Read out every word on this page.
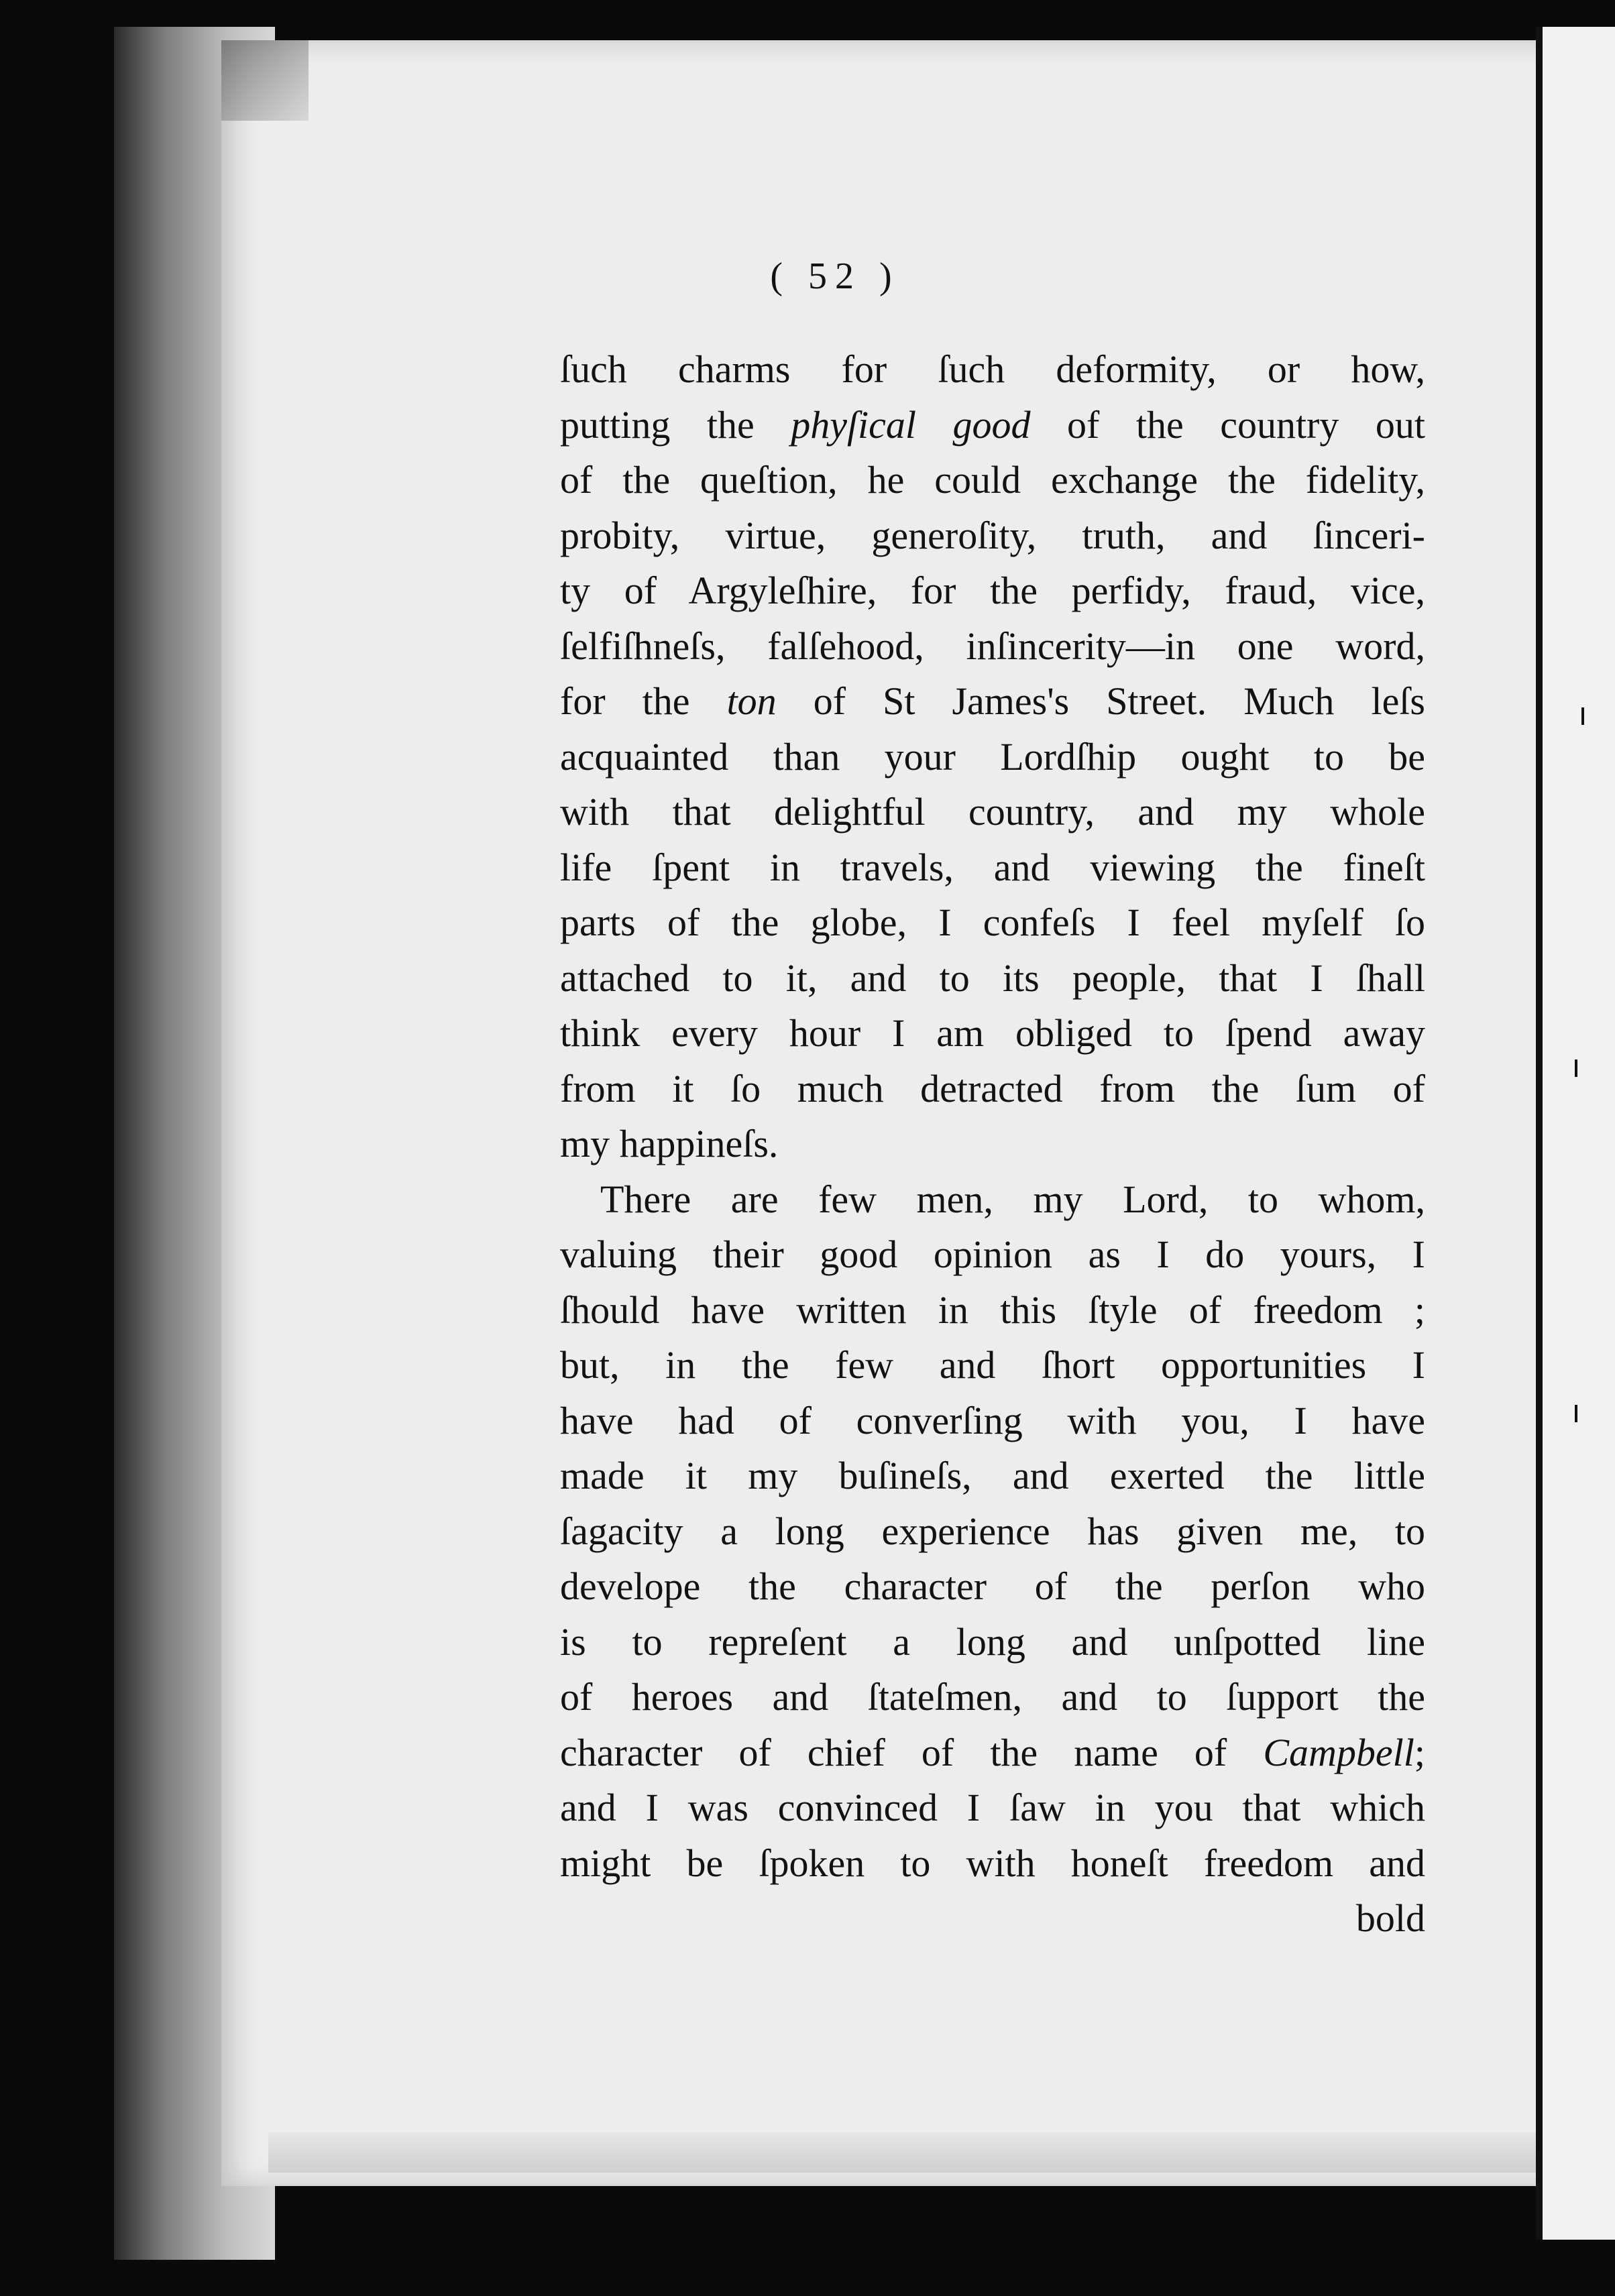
( 52 )
ſuch charms for ſuch deformity, or how,
putting the phyſical good of the country out
of the queſtion, he could exchange the fidelity,
probity, virtue, generoſity, truth, and ſinceri-
ty of Argyleſhire, for the perfidy, fraud, vice,
ſelfiſhneſs, falſehood, inſincerity—in one word,
for the ton of St James's Street. Much leſs
acquainted than your Lordſhip ought to be
with that delightful country, and my whole
life ſpent in travels, and viewing the fineſt
parts of the globe, I confeſs I feel myſelf ſo
attached to it, and to its people, that I ſhall
think every hour I am obliged to ſpend away
from it ſo much detracted from the ſum of
my happineſs.
There are few men, my Lord, to whom,
valuing their good opinion as I do yours, I
ſhould have written in this ſtyle of freedom ;
but, in the few and ſhort opportunities I
have had of converſing with you, I have
made it my buſineſs, and exerted the little
ſagacity a long experience has given me, to
develope the character of the perſon who
is to repreſent a long and unſpotted line
of heroes and ſtateſmen, and to ſupport the
character of chief of the name of Campbell;
and I was convinced I ſaw in you that which
might be ſpoken to with honeſt freedom and
bold
